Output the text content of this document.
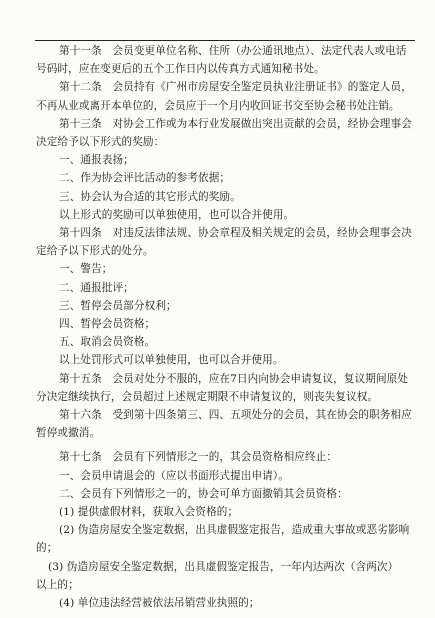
第十一条　会员变更单位名称、住所（办公通讯地点）、法定代表人或电话
号码时，应在变更后的五个工作日内以传真方式通知秘书处。
第十二条　会员持有《广州市房屋安全鉴定员执业注册证书》的鉴定人员，
不再从业或离开本单位的，会员应于一个月内收回证书交至协会秘书处注销。
第十三条　对协会工作或为本行业发展做出突出贡献的会员，经协会理事会
决定给予以下形式的奖励：
一、通报表扬；
二、作为协会评比活动的参考依据；
三、协会认为合适的其它形式的奖励。
以上形式的奖励可以单独使用，也可以合并使用。
第十四条　对违反法律法规、协会章程及相关规定的会员，经协会理事会决
定给予以下形式的处分。
一、警告；
二、通报批评；
三、暂停会员部分权利；
四、暂停会员资格；
五、取消会员资格。
以上处罚形式可以单独使用，也可以合并使用。
第十五条　会员对处分不服的，应在7日内向协会申请复议，复议期间原处
分决定继续执行，会员超过上述规定期限不申请复议的，则丧失复议权。
第十六条　受到第十四条第三、四、五项处分的会员，其在协会的职务相应
暂停或撤消。
第十七条　会员有下列情形之一的，其会员资格相应终止：
一、会员申请退会的（应以书面形式提出申请）。
二、会员有下列情形之一的，协会可单方面撤销其会员资格：
(1) 提供虚假材料，获取入会资格的；
(2) 伪造房屋安全鉴定数据，出具虚假鉴定报告，造成重大事故或恶劣影响
的；
(3) 伪造房屋安全鉴定数据，出具虚假鉴定报告，一年内达两次（含两次）
以上的；
(4) 单位违法经营被依法吊销营业执照的；
